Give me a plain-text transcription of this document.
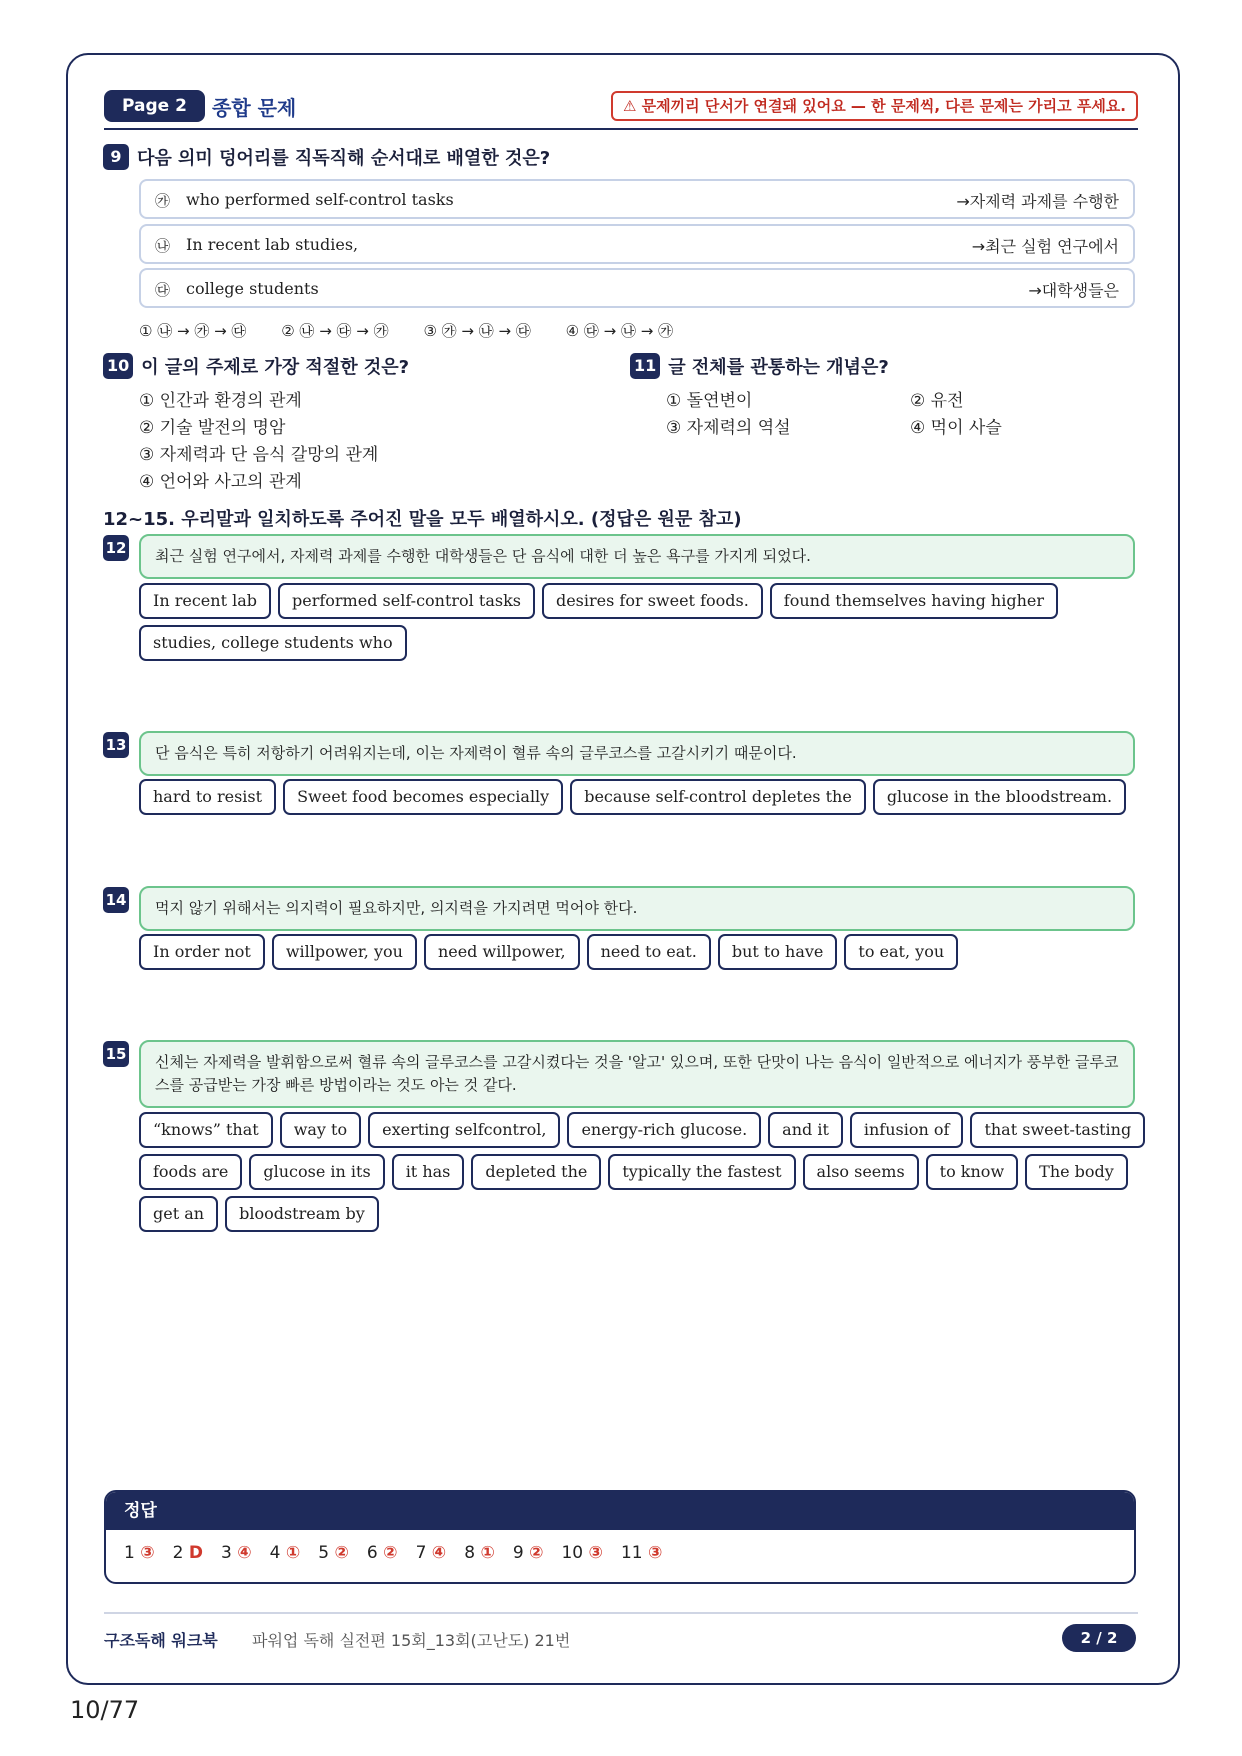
Page 2	종합 문제	⚠ 문제끼리 단서가 연결돼 있어요 — 한 문제씩, 다른 문제는 가리고 푸세요.
9 다음 의미 덩어리를 직독직해 순서대로 배열한 것은?
㉮ who performed self-control tasks	→자제력 과제를 수행한
㉯ In recent lab studies,	→최근 실험 연구에서
㉰ college students	→대학생들은
① ㉯ → ㉮ → ㉰ ② ㉯ → ㉰ → ㉮ ③ ㉮ → ㉯ → ㉰ ④ ㉰ → ㉯ → ㉮
10 이 글의 주제로 가장 적절한 것은?
① 인간과 환경의 관계
② 기술 발전의 명암
③ 자제력과 단 음식 갈망의 관계
④ 언어와 사고의 관계
11 글 전체를 관통하는 개념은?
① 돌연변이	② 유전
③ 자제력의 역설	④ 먹이 사슬
12~15. 우리말과 일치하도록 주어진 말을 모두 배열하시오. (정답은 원문 참고)
12	최근 실험 연구에서, 자제력 과제를 수행한 대학생들은 단 음식에 대한 더 높은 욕구를 가지게 되었다.
In recent lab	performed self-control tasks	desires for sweet foods.	found themselves having higher
studies, college students who
13	단 음식은 특히 저항하기 어려워지는데, 이는 자제력이 혈류 속의 글루코스를 고갈시키기 때문이다.
hard to resist	Sweet food becomes especially	because self-control depletes the	glucose in the bloodstream.
14	먹지 않기 위해서는 의지력이 필요하지만, 의지력을 가지려면 먹어야 한다.
In order not	willpower, you	need willpower,	need to eat.	but to have	to eat, you
15	신체는 자제력을 발휘함으로써 혈류 속의 글루코스를 고갈시켰다는 것을 '알고' 있으며, 또한 단맛이 나는 음식이 일반적으로 에너지가 풍부한 글루코스를 공급받는 가장 빠른 방법이라는 것도 아는 것 같다.
“knows” that	way to	exerting selfcontrol,	energy-rich glucose.	and it	infusion of	that sweet-tasting
foods are	glucose in its	it has	depleted the	typically the fastest	also seems	to know	The body
get an	bloodstream by
정답
1 ③ 2 D 3 ④ 4 ① 5 ② 6 ② 7 ④ 8 ① 9 ② 10 ③ 11 ③
구조독해 워크북 파워업 독해 실전편 15회_13회(고난도) 21번	2 / 2
10/77
